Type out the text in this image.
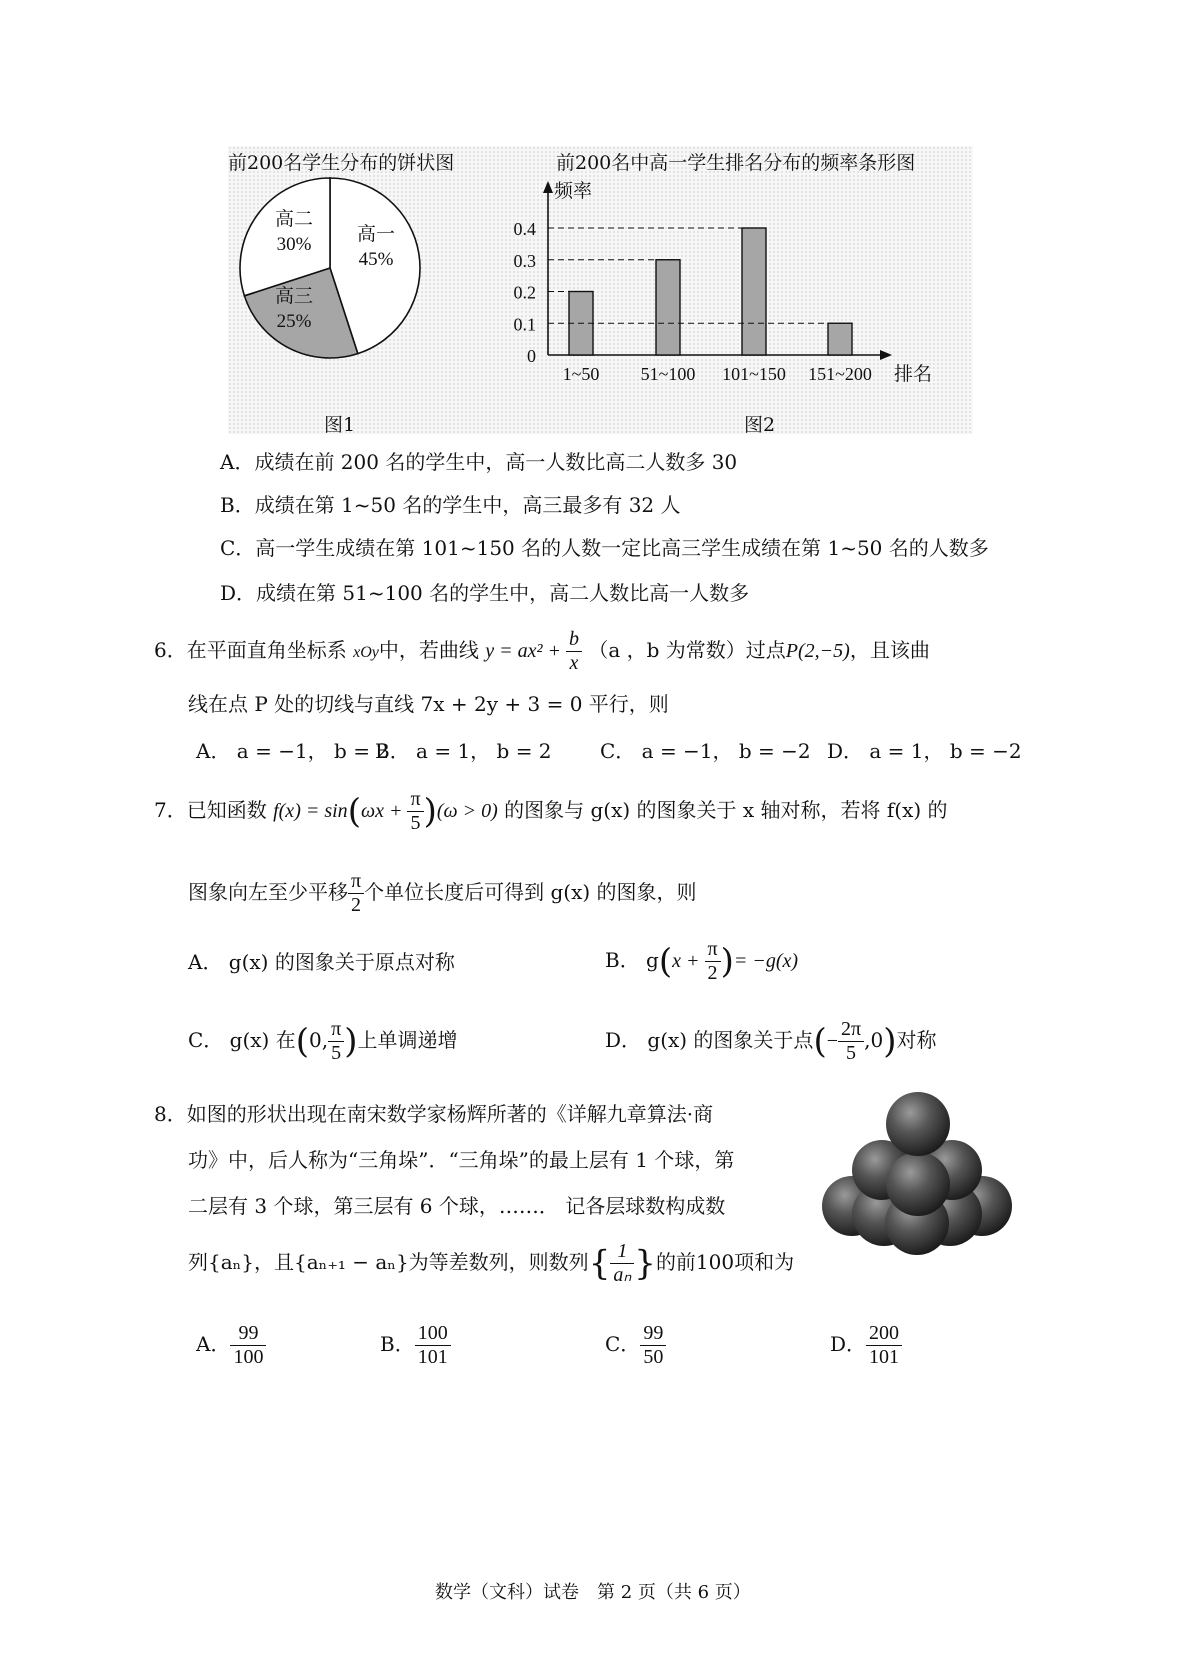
前200名学生分布的饼状图	前200名中高一学生排名分布的频率条形图
高一
45%
高三
25%
高二
30%
频率
排名
0
0.1
0.2
0.3
0.4
1~50 51~100 101~150 151~200
图1	图2
A．成绩在前 200 名的学生中，高一人数比高二人数多 30
B．成绩在第 1~50 名的学生中，高三最多有 32 人
C．高一学生成绩在第 101~150 名的人数一定比高三学生成绩在第 1~50 名的人数多
D．成绩在第 51~100 名的学生中，高二人数比高一人数多
6．在平面直角坐标系 xOy中，若曲线 $y = ax^2 + \frac{b}{x} (a$ ，b 为常数）过点P(2,−5)，且该曲
线在点 P 处的切线与直线 7x + 2y + 3 = 0 平行，则
A． a = −1， b = 2
B． a = 1， b = 2 C． a = −1， b = −2 D． a = 1， b = −2
7．已知函数 $f(x) = \sin(\omega x + \frac{\pi}{5} )(\omega > 0)$ 的图象与 g(x) 的图象关于 x 轴对称，若将 f(x) 的
图象向左至少平移 $\frac{\pi}{2}$ 个单位长度后可得到 g(x) 的图象，则
A． g(x) 的图象关于原点对称	B． $g(x + \frac{\pi}{2}$ )= −g(x)
C． g(x) 在(0, $\frac{\pi}{5}$ )上单调递增	D． g(x) 的图象关于点(− $\frac{2\pi}{5} ,0$)对称
8．如图的形状出现在南宋数学家杨辉所著的《详解九章算法·商
功》中，后人称为“三角垛”．“三角垛”的最上层有 1 个球，第
二层有 3 个球，第三层有 6 个球，……． 记各层球数构成数
列{aₙ}，且{aₙ₊₁ − aₙ}为等差数列，则数列{ $\frac{1}{\text{aₙ}}$ }的前100项和为
A． $\frac{99}{100}$	B． $\frac{100}{101}$	C． $\frac{99}{50}$	D． $\frac{200}{101}$
数学（文科）试卷　第 2 页（共 6 页）
